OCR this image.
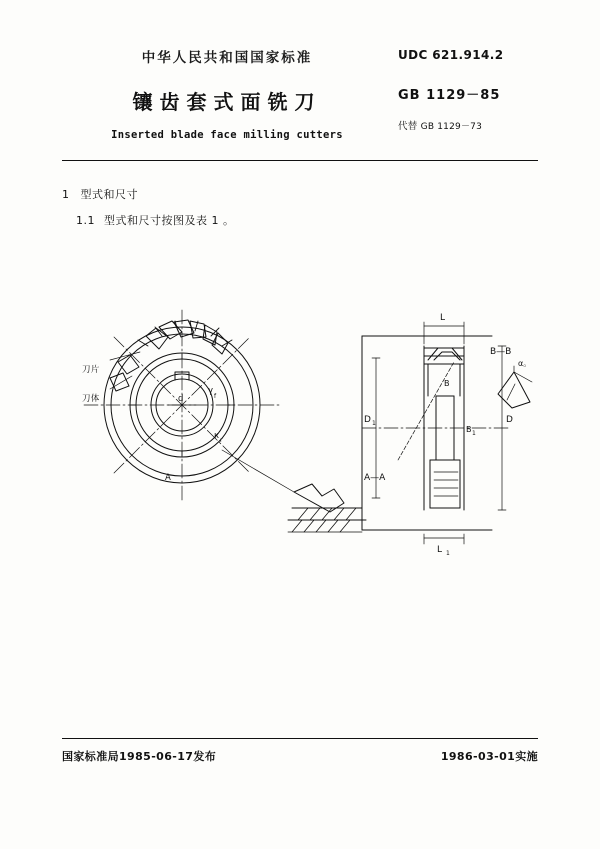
中华人民共和国国家标准
镶齿套式面铣刀
Inserted blade face milling cutters
UDC 621.914.2
GB 1129－85
代替 GB 1129－73
1 型式和尺寸
1.1 型式和尺寸按图及表 1 。
d
γ
f
κ r
A	A—A
L
L 1
D
D 1
B
B 1
B—B
α。
刀片
刀体
国家标准局1985-06-17发布	1986-03-01实施
